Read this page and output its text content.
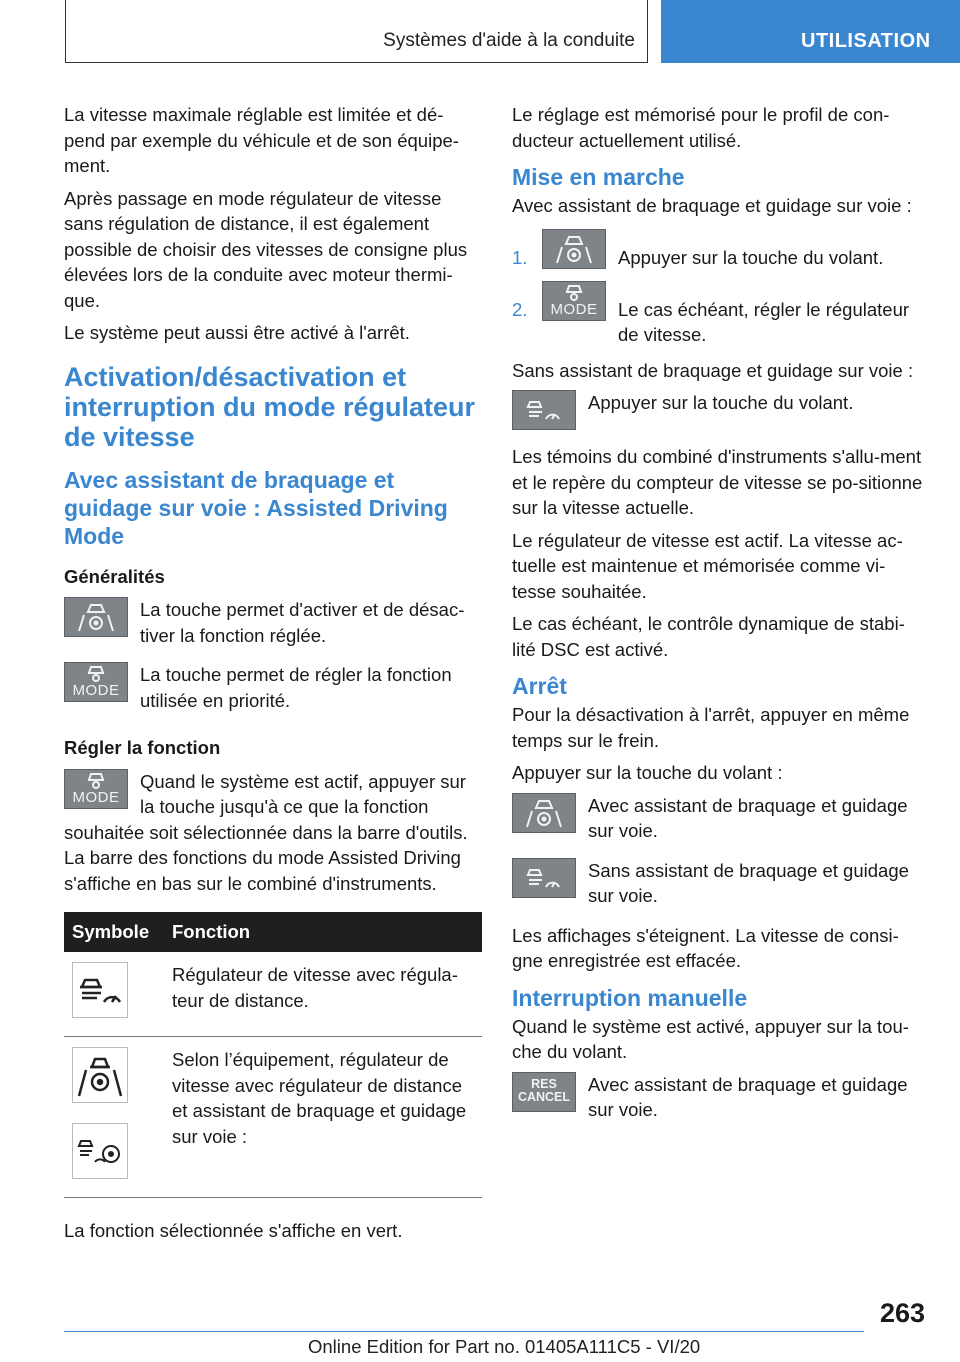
Systèmes d'aide à la conduite	UTILISATION

La vitesse maximale réglable est limitée et dé-pend par exemple du véhicule et de son équipe-ment.

Après passage en mode régulateur de vitesse sans régulation de distance, il est également possible de choisir des vitesses de consigne plus élevées lors de la conduite avec moteur thermi-que.

Le système peut aussi être activé à l'arrêt.

Activation/désactivation et interruption du mode régulateur de vitesse
Avec assistant de braquage et guidage sur voie : Assisted Driving Mode
Généralités
La touche permet d'activer et de désac-tiver la fonction réglée.
MODE
La touche permet de régler la fonction utilisée en priorité.
Régler la fonction
MODE
Quand le système est actif, appuyer sur la touche jusqu'à ce que la fonction souhaitée soit sélectionnée dans la barre d'outils. La barre des fonctions du mode Assisted Driving s'affiche en bas sur le combiné d'instruments.
Symbole	Fonction

	Régulateur de vitesse avec régula-teur de distance.

	Selon l’équipement, régulateur de vitesse avec régulateur de distance et assistant de braquage et guidage sur voie :

La fonction sélectionnée s'affiche en vert.

Le réglage est mémorisé pour le profil de con-ducteur actuellement utilisé.

Mise en marche

Avec assistant de braquage et guidage sur voie :

1.	Appuyer sur la touche du volant.
2.	MODE	Le cas échéant, régler le régulateur de vitesse.

Sans assistant de braquage et guidage sur voie :

Appuyer sur la touche du volant.

Les témoins du combiné d'instruments s'allu-ment et le repère du compteur de vitesse se po-sitionne sur la vitesse actuelle.

Le régulateur de vitesse est actif. La vitesse ac-tuelle est maintenue et mémorisée comme vi-tesse souhaitée.

Le cas échéant, le contrôle dynamique de stabi-lité DSC est activé.

Arrêt

Pour la désactivation à l'arrêt, appuyer en même temps sur le frein.

Appuyer sur la touche du volant :

Avec assistant de braquage et guidage sur voie.
Sans assistant de braquage et guidage sur voie.

Les affichages s'éteignent. La vitesse de consi-gne enregistrée est effacée.

Interruption manuelle

Quand le système est activé, appuyer sur la tou-che du volant.

RES
CANCEL
Avec assistant de braquage et guidage sur voie.
263
Online Edition for Part no. 01405A111C5 - VI/20
